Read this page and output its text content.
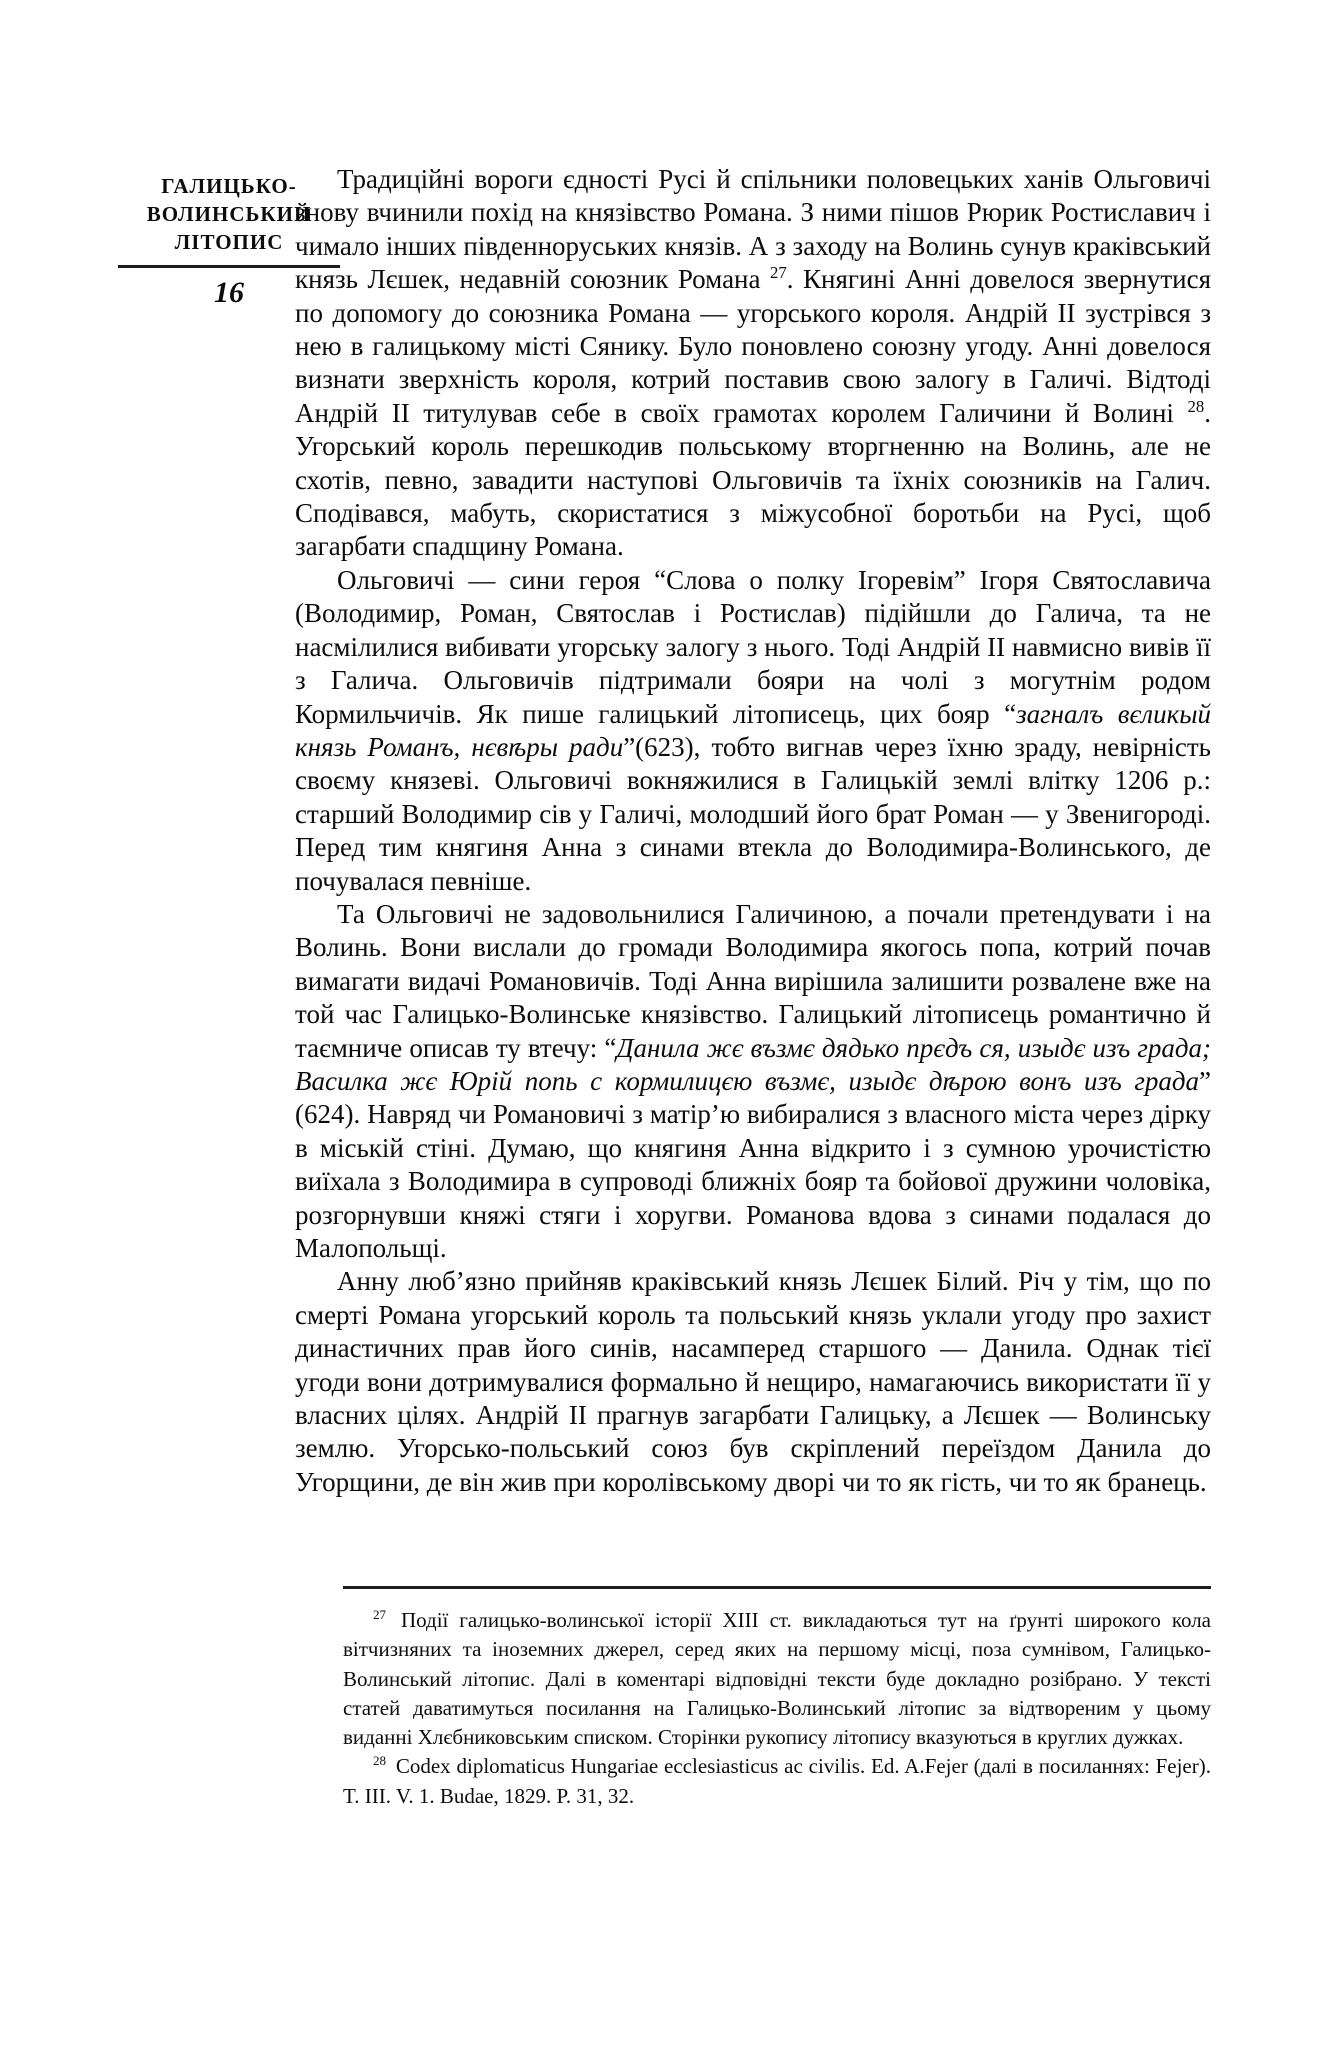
ГАЛИЦЬКО-
ВОЛИНСЬКИЙ
ЛІТОПИС
16

Традиційні вороги єдності Русі й спільники половецьких ханів Ольговичі знову вчинили похід на князівство Романа. З ними пішов Рюрик Ростиславич і чимало інших південноруських князів. А з заходу на Волинь сунув краківський князь Лєшек, недавній союзник Романа $^{27}$. Княгині Анні довелося звернутися по допомогу до союзника Романа — угорського короля. Андрій II зустрівся з нею в галицькому місті Сянику. Було поновлено союзну угоду. Анні довелося визнати зверхність короля, котрий поставив свою залогу в Галичі. Відтоді Андрій II титулував себе в своїх грамотах королем Галичини й Волині $^{28}$. Угорський король перешкодив польському вторгненню на Волинь, але не схотів, певно, завадити наступові Ольговичів та їхніх союзників на Галич. Сподівався, мабуть, скористатися з міжусобної боротьби на Русі, щоб загарбати спадщину Романа.

Ольговичі — сини героя “Слова о полку Ігоревім” Ігоря Святославича (Володимир, Роман, Святослав і Ростислав) підійшли до Галича, та не насмілилися вибивати угорську залогу з нього. Тоді Андрій II навмисно вивів її з Галича. Ольговичів підтримали бояри на чолі з могутнім родом Кормильчичів. Як пише галицький літописець, цих бояр “загналъ вєликый князь Романъ, нєвѣры ради”(623), тобто вигнав через їхню зраду, невірність своєму князеві. Ольговичі вокняжилися в Галицькій землі влітку 1206 р.: старший Володимир сів у Галичі, молодший його брат Роман — у Звенигороді. Перед тим княгиня Анна з синами втекла до Володимира-Волинського, де почувалася певніше.

Та Ольговичі не задовольнилися Галичиною, а почали претендувати і на Волинь. Вони вислали до громади Володимира якогось попа, котрий почав вимагати видачі Романовичів. Тоді Анна вирішила залишити розвалене вже на той час Галицько-Волинське князівство. Галицький літописець романтично й таємниче описав ту втечу: “Данила жє възмє дядько прєдъ ся, изыдє изъ града; Василка жє Юрій попь с кормилицєю възмє, изыдє дѣрою вонъ изъ града” (624). Навряд чи Романовичі з матір’ю вибиралися з власного міста через дірку в міській стіні. Думаю, що княгиня Анна відкрито і з сумною урочистістю виїхала з Володимира в супроводі ближніх бояр та бойової дружини чоловіка, розгорнувши княжі стяги і хоругви. Романова вдова з синами подалася до Малопольщі.

Анну люб’язно прийняв краківський князь Лєшек Білий. Річ у тім, що по смерті Романа угорський король та польський князь уклали угоду про захист династичних прав його синів, насамперед старшого — Данила. Однак тієї угоди вони дотримувалися формально й нещиро, намагаючись використати її у власних цілях. Андрій II прагнув загарбати Галицьку, а Лєшек — Волинську землю. Угорсько-польський союз був скріплений переїздом Данила до Угорщини, де він жив при королівському дворі чи то як гість, чи то як бранець.

$^{27}$ Події галицько-волинської історії XIII ст. викладаються тут на ґрунті широкого кола вітчизняних та іноземних джерел, серед яких на першому місці, поза сумнівом, Галицько-Волинський літопис. Далі в коментарі відповідні тексти буде докладно розібрано. У тексті статей даватимуться посилання на Галицько-Волинський літопис за відтвореним у цьому виданні Хлєбниковським списком. Сторінки рукопису літопису вказуються в круглих дужках.

$^{28}$ Codex diplomaticus Hungariae ecclesiasticus ac civilis. Ed. A.Fejer (далі в посиланнях: Fejer). T. III. V. 1. Budae, 1829. P. 31, 32.
